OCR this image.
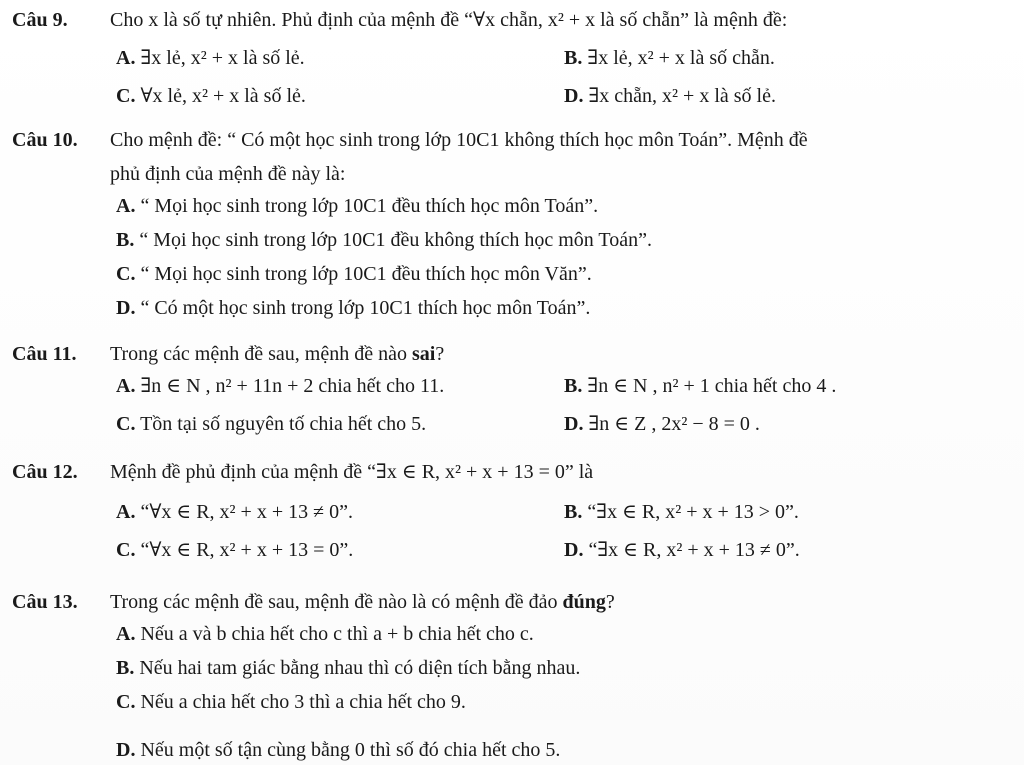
Câu 9.	Cho x là số tự nhiên. Phủ định của mệnh đề “∀x chẵn, x² + x là số chẵn” là mệnh đề:
A. ∃x lẻ, x² + x là số lẻ.	B. ∃x lẻ, x² + x là số chẵn.
C. ∀x lẻ, x² + x là số lẻ.	D. ∃x chẵn, x² + x là số lẻ.
Câu 10.	Cho mệnh đề: “ Có một học sinh trong lớp 10C1 không thích học môn Toán”. Mệnh đề
phủ định của mệnh đề này là:
A. “ Mọi học sinh trong lớp 10C1 đều thích học môn Toán”.
B. “ Mọi học sinh trong lớp 10C1 đều không thích học môn Toán”.
C. “ Mọi học sinh trong lớp 10C1 đều thích học môn Văn”.
D. “ Có một học sinh trong lớp 10C1 thích học môn Toán”.
Câu 11.	Trong các mệnh đề sau, mệnh đề nào sai?
A. ∃n ∈ N , n² + 11n + 2 chia hết cho 11.	B. ∃n ∈ N , n² + 1 chia hết cho 4 .
C. Tồn tại số nguyên tố chia hết cho 5.	D. ∃n ∈ Z , 2x² − 8 = 0 .
Câu 12.	Mệnh đề phủ định của mệnh đề “∃x ∈ R, x² + x + 13 = 0” là
A. “∀x ∈ R, x² + x + 13 ≠ 0”.	B. “∃x ∈ R, x² + x + 13 > 0”.
C. “∀x ∈ R, x² + x + 13 = 0”.	D. “∃x ∈ R, x² + x + 13 ≠ 0”.
Câu 13.	Trong các mệnh đề sau, mệnh đề nào là có mệnh đề đảo đúng?
A. Nếu a và b chia hết cho c thì a + b chia hết cho c.
B. Nếu hai tam giác bằng nhau thì có diện tích bằng nhau.
C. Nếu a chia hết cho 3 thì a chia hết cho 9.
D. Nếu một số tận cùng bằng 0 thì số đó chia hết cho 5.
